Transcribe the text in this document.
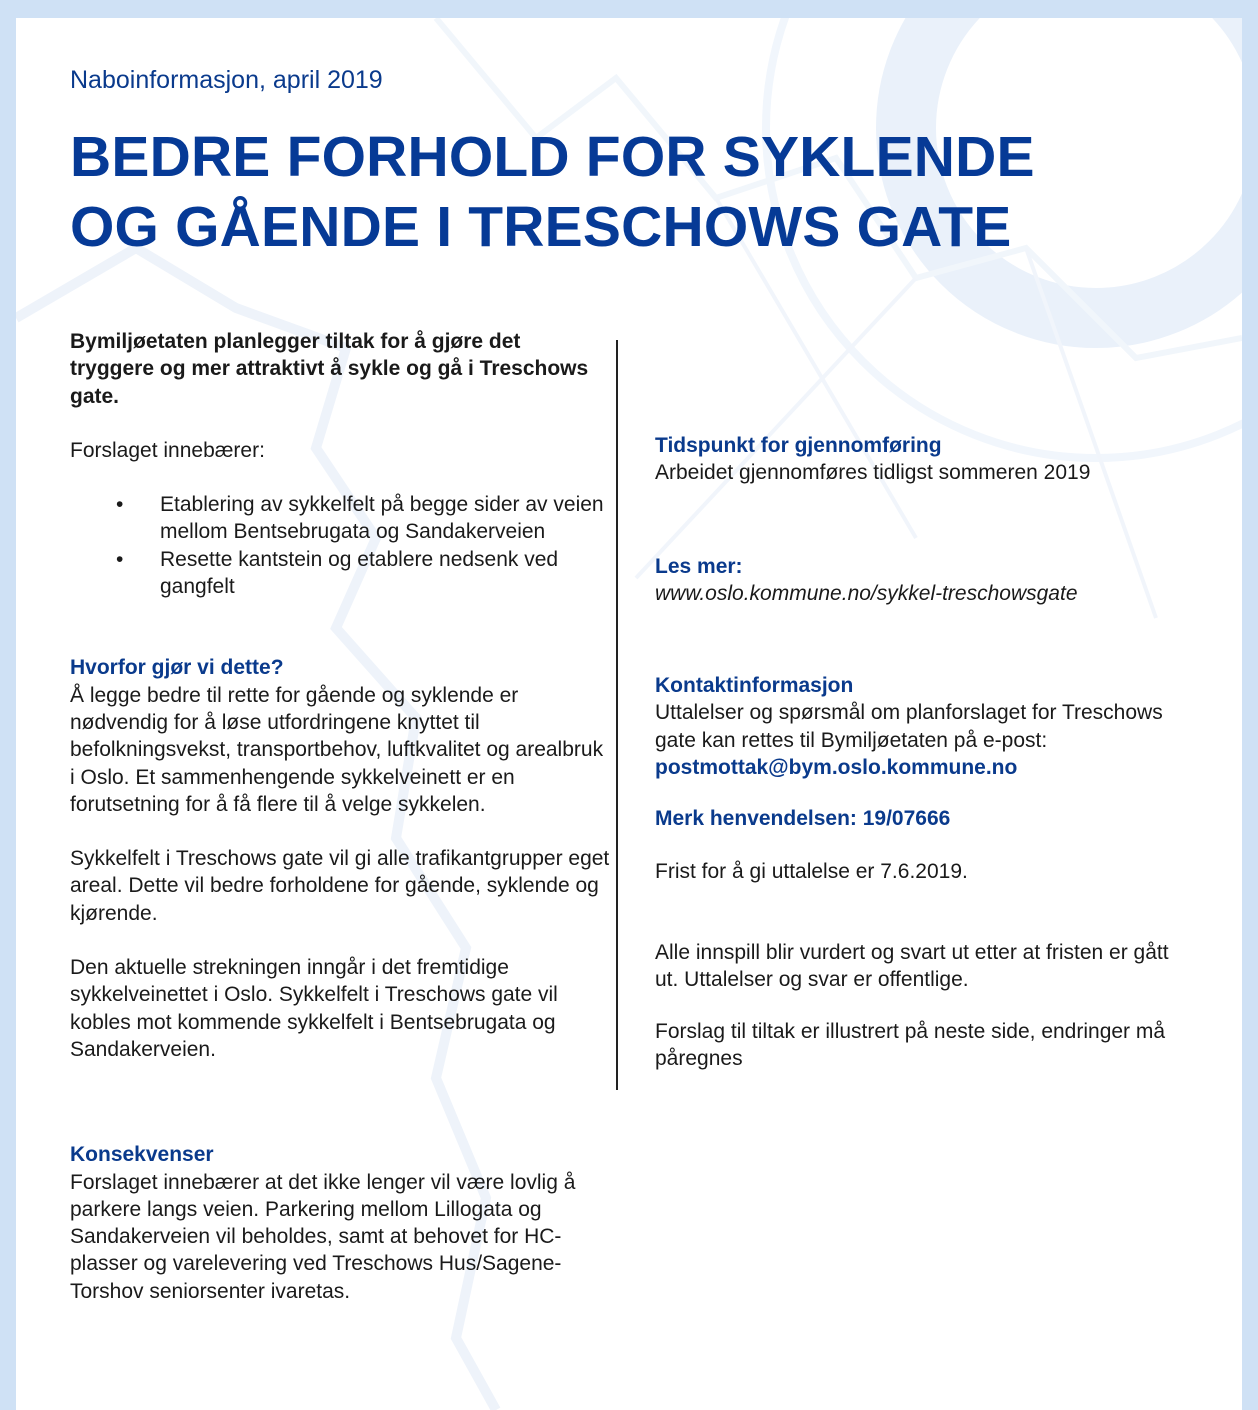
Naboinformasjon, april 2019

BEDRE FORHOLD FOR SYKLENDE
OG GÅENDE I TRESCHOWS GATE

Bymiljøetaten planlegger tiltak for å gjøre det tryggere og mer attraktivt å sykle og gå i Treschows gate.

Forslaget innebærer:

• Etablering av sykkelfelt på begge sider av veien mellom Bentsebrugata og Sandakerveien
• Resette kantstein og etablere nedsenk ved gangfelt
Hvorfor gjør vi dette?

Å legge bedre til rette for gående og syklende er nødvendig for å løse utfordringene knyttet til befolkningsvekst, transportbehov, luftkvalitet og arealbruk i Oslo. Et sammenhengende sykkelveinett er en forutsetning for å få flere til å velge sykkelen.

Sykkelfelt i Treschows gate vil gi alle trafikantgrupper eget areal. Dette vil bedre forholdene for gående, syklende og kjørende.

Den aktuelle strekningen inngår i det fremtidige sykkelveinettet i Oslo. Sykkelfelt i Treschows gate vil kobles mot kommende sykkelfelt i Bentsebrugata og Sandakerveien.

Konsekvenser

Forslaget innebærer at det ikke lenger vil være lovlig å parkere langs veien. Parkering mellom Lillogata og Sandakerveien vil beholdes, samt at behovet for HC-plasser og varelevering ved Treschows Hus/Sagene-Torshov seniorsenter ivaretas.

Tidspunkt for gjennomføring

Arbeidet gjennomføres tidligst sommeren 2019

Les mer:

www.oslo.kommune.no/sykkel-treschowsgate

Kontaktinformasjon

Uttalelser og spørsmål om planforslaget for Treschows gate kan rettes til Bymiljøetaten på e-post: postmottak@bym.oslo.kommune.no

Merk henvendelsen: 19/07666

Frist for å gi uttalelse er 7.6.2019.

Alle innspill blir vurdert og svart ut etter at fristen er gått ut. Uttalelser og svar er offentlige.

Forslag til tiltak er illustrert på neste side, endringer må påregnes
